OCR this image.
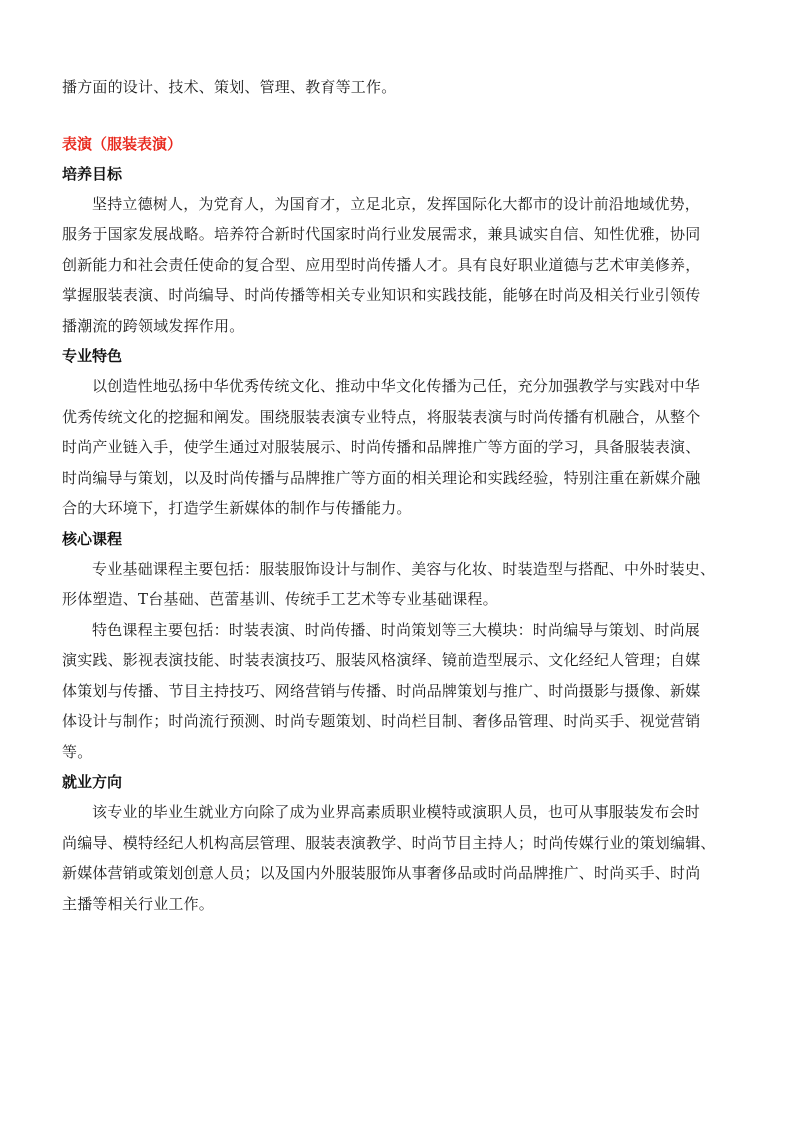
播方面的设计、技术、策划、管理、教育等工作。
表演（服装表演）
培养目标
坚持立德树人，为党育人，为国育才，立足北京，发挥国际化大都市的设计前沿地域优势，
服务于国家发展战略。培养符合新时代国家时尚行业发展需求，兼具诚实自信、知性优雅，协同
创新能力和社会责任使命的复合型、应用型时尚传播人才。具有良好职业道德与艺术审美修养，
掌握服装表演、时尚编导、时尚传播等相关专业知识和实践技能，能够在时尚及相关行业引领传
播潮流的跨领域发挥作用。
专业特色
以创造性地弘扬中华优秀传统文化、推动中华文化传播为己任，充分加强教学与实践对中华
优秀传统文化的挖掘和阐发。围绕服装表演专业特点，将服装表演与时尚传播有机融合，从整个
时尚产业链入手，使学生通过对服装展示、时尚传播和品牌推广等方面的学习，具备服装表演、
时尚编导与策划，以及时尚传播与品牌推广等方面的相关理论和实践经验，特别注重在新媒介融
合的大环境下，打造学生新媒体的制作与传播能力。
核心课程
专业基础课程主要包括：服装服饰设计与制作、美容与化妆、时装造型与搭配、中外时装史、
形体塑造、T台基础、芭蕾基训、传统手工艺术等专业基础课程。
特色课程主要包括：时装表演、时尚传播、时尚策划等三大模块：时尚编导与策划、时尚展
演实践、影视表演技能、时装表演技巧、服装风格演绎、镜前造型展示、文化经纪人管理；自媒
体策划与传播、节目主持技巧、网络营销与传播、时尚品牌策划与推广、时尚摄影与摄像、新媒
体设计与制作；时尚流行预测、时尚专题策划、时尚栏目制、奢侈品管理、时尚买手、视觉营销
等。
就业方向
该专业的毕业生就业方向除了成为业界高素质职业模特或演职人员，也可从事服装发布会时
尚编导、模特经纪人机构高层管理、服装表演教学、时尚节目主持人；时尚传媒行业的策划编辑、
新媒体营销或策划创意人员；以及国内外服装服饰从事奢侈品或时尚品牌推广、时尚买手、时尚
主播等相关行业工作。
